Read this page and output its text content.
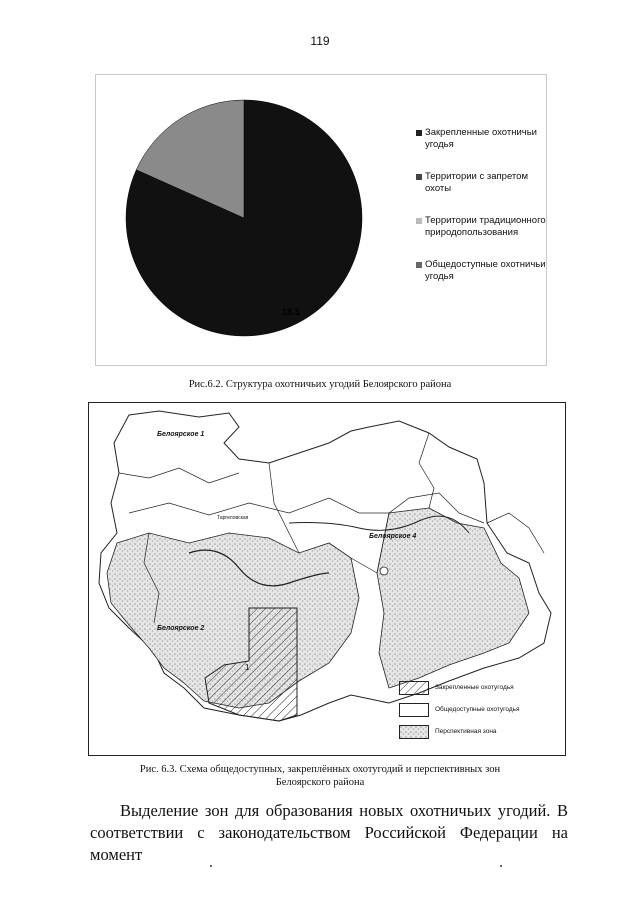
119
18.3
Закрепленные охотничьи угодья
Территории с запретом охоты
Территории традиционного природопользования
Общедоступные охотничьи угодья
Рис.6.2. Структура охотничьих угодий Белоярского района
Белоярское 1
Белоярское 2
Белоярское 4
1
Таргеловская
Закрепленные охотугодья
Общедоступные охотугодья
Перспективная зона
Рис. 6.3. Схема общедоступных, закреплённых охотугодий и перспективных зон
Белоярского района
Выделение зон для образования новых охотничьих угодий. В
соответствии с законодательством Российской Федерации на момент
